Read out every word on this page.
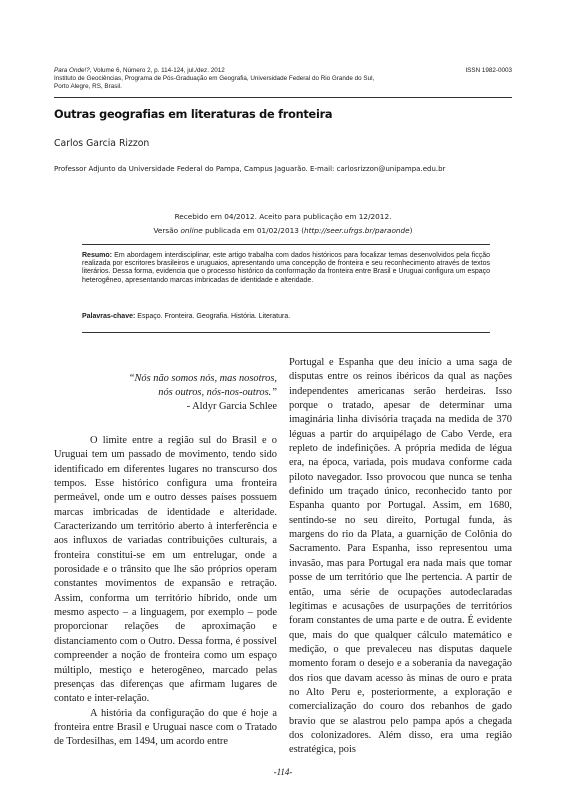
Para Onde!?, Volume 6, Número 2, p. 114-124, jul./dez. 2012	ISSN 1982-0003
Instituto de Geociências, Programa de Pós-Graduação em Geografia, Universidade Federal do Rio Grande do Sul,
Porto Alegre, RS, Brasil.
Outras geografias em literaturas de fronteira
Carlos Garcia Rizzon
Professor Adjunto da Universidade Federal do Pampa, Campus Jaguarão. E-mail: carlosrizzon@unipampa.edu.br
Recebido em 04/2012. Aceito para publicação em 12/2012.
Versão online publicada em 01/02/2013 (http://seer.ufrgs.br/paraonde)
Resumo: Em abordagem interdisciplinar, este artigo trabalha com dados históricos para focalizar temas desenvolvidos pela ficção realizada por escritores brasileiros e uruguaios, apresentando uma concepção de fronteira e seu reconhecimento através de textos literários. Dessa forma, evidencia que o processo histórico da conformação da fronteira entre Brasil e Uruguai configura um espaço heterogêneo, apresentando marcas imbricadas de identidade e alteridade.
Palavras-chave: Espaço. Fronteira. Geografia. História. Literatura.
“Nós não somos nós, mas nosotros,
nós outros, nós-nos-outros.”
- Aldyr Garcia Schlee

O limite entre a região sul do Brasil e o Uruguai tem um passado de movimento, tendo sido identificado em diferentes lugares no transcurso dos tempos. Esse histórico configura uma fronteira permeável, onde um e outro desses países possuem marcas imbricadas de identidade e alteridade. Caracterizando um território aberto à interferência e aos influxos de variadas contribuições culturais, a fronteira constitui-se em um entrelugar, onde a porosidade e o trânsito que lhe são próprios operam constantes movimentos de expansão e retração. Assim, conforma um território híbrido, onde um mesmo aspecto – a linguagem, por exemplo – pode proporcionar relações de aproximação e distanciamento com o Outro. Dessa forma, é possível compreender a noção de fronteira como um espaço múltiplo, mestiço e heterogêneo, marcado pelas presenças das diferenças que afirmam lugares de contato e inter-relação.

A história da configuração do que é hoje a fronteira entre Brasil e Uruguai nasce com o Tratado de Tordesilhas, em 1494, um acordo entre

Portugal e Espanha que deu início a uma saga de disputas entre os reinos ibéricos da qual as nações independentes americanas serão herdeiras. Isso porque o tratado, apesar de determinar uma imaginária linha divisória traçada na medida de 370 léguas a partir do arquipélago de Cabo Verde, era repleto de indefinições. A própria medida de légua era, na época, variada, pois mudava conforme cada piloto navegador. Isso provocou que nunca se tenha definido um traçado único, reconhecido tanto por Espanha quanto por Portugal. Assim, em 1680, sentindo-se no seu direito, Portugal funda, às margens do rio da Plata, a guarnição de Colônia do Sacramento. Para Espanha, isso representou uma invasão, mas para Portugal era nada mais que tomar posse de um território que lhe pertencia. A partir de então, uma série de ocupações autodeclaradas legítimas e acusações de usurpações de territórios foram constantes de uma parte e de outra. É evidente que, mais do que qualquer cálculo matemático e medição, o que prevaleceu nas disputas daquele momento foram o desejo e a soberania da navegação dos rios que davam acesso às minas de ouro e prata no Alto Peru e, posteriormente, a exploração e comercialização do couro dos rebanhos de gado bravio que se alastrou pelo pampa após a chegada dos colonizadores. Além disso, era uma região estratégica, pois

-114-
